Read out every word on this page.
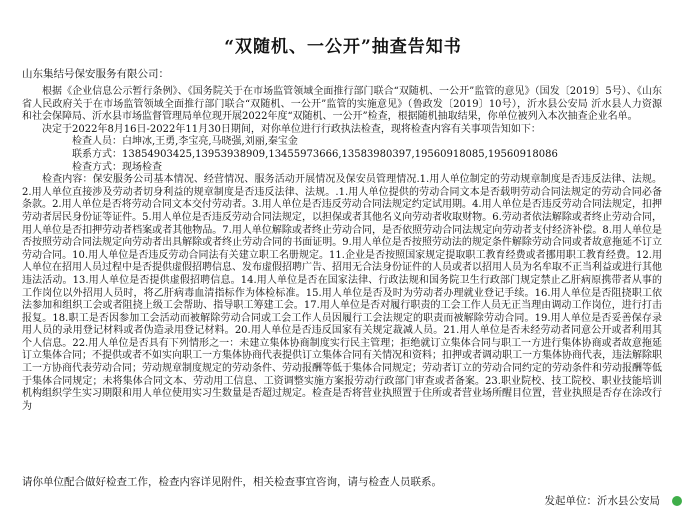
“双随机、一公开”抽查告知书
山东集结号保安服务有限公司：

根据《企业信息公示暂行条例》、《国务院关于在市场监管领域全面推行部门联合“双随机、一公开”监管的意见》（国发〔2019〕5号）、《山东省人民政府关于在市场监管领域全面推行部门联合“双随机、一公开”监管的实施意见》（鲁政发〔2019〕10号），沂水县公安局 沂水县人力资源和社会保障局、沂水县市场监督管理局单位现开展2022年度“双随机、一公开”检查，根据随机抽取结果，你单位被列入本次抽查企业名单。

决定于2022年8月16日-2022年11月30日期间，对你单位进行行政执法检查，现将检查内容有关事项告知如下：

检查人员：白坤冰,王勇,李宝亮,马晓强,刘丽,秦宝金

联系方式：13854903425,13953938909,13455973666,13583980397,19560918085,19560918086

检查方式：现场检查

检查内容：保安服务公司基本情况、经营情况、服务活动开展情况及保安员管理情况.1.用人单位制定的劳动规章制度是否违反法律、法规。2.用人单位直接涉及劳动者切身利益的规章制度是否违反法律、法规。.1.用人单位提供的劳动合同文本是否载明劳动合同法规定的劳动合同必备条款。2.用人单位是否将劳动合同文本交付劳动者。3.用人单位是否违反劳动合同法规定约定试用期。4.用人单位是否违反劳动合同法规定，扣押劳动者居民身份证等证件。5.用人单位是否违反劳动合同法规定，以担保或者其他名义向劳动者收取财物。6.劳动者依法解除或者终止劳动合同，用人单位是否扣押劳动者档案或者其他物品。7.用人单位解除或者终止劳动合同，是否依照劳动合同法规定向劳动者支付经济补偿。8.用人单位是否按照劳动合同法规定向劳动者出具解除或者终止劳动合同的书面证明。9.用人单位是否按照劳动法的规定条件解除劳动合同或者故意拖延不订立劳动合同。10.用人单位是否违反劳动合同法有关建立职工名册规定。11.企业是否按照国家规定提取职工教育经费或者挪用职工教育经费。12.用人单位在招用人员过程中是否提供虚假招聘信息、发布虚假招聘广告、招用无合法身份证件的人员或者以招用人员为名牟取不正当利益或进行其他违法活动。13.用人单位是否提供虚假招聘信息。14.用人单位是否在国家法律、行政法规和国务院卫生行政部门规定禁止乙肝病原携带者从事的工作岗位以外招用人员时，将乙肝病毒血清指标作为体检标准。15.用人单位是否及时为劳动者办理就业登记手续。16.用人单位是否阻挠职工依法参加和组织工会或者阻挠上级工会帮助、指导职工筹建工会。17.用人单位是否对履行职责的工会工作人员无正当理由调动工作岗位，进行打击报复。18.职工是否因参加工会活动而被解除劳动合同或工会工作人员因履行工会法规定的职责而被解除劳动合同。19.用人单位是否妥善保存录用人员的录用登记材料或者伪造录用登记材料。20.用人单位是否违反国家有关规定裁减人员。21.用人单位是否未经劳动者同意公开或者利用其个人信息。22.用人单位是否具有下列情形之一：未建立集体协商制度实行民主管理；拒绝就订立集体合同与职工一方进行集体协商或者故意拖延订立集体合同；不提供或者不如实向职工一方集体协商代表提供订立集体合同有关情况和资料；扣押或者调动职工一方集体协商代表，违法解除职工一方协商代表劳动合同；劳动规章制度规定的劳动条件、劳动报酬等低于集体合同规定；劳动者订立的劳动合同约定的劳动条件和劳动报酬等低于集体合同规定；未将集体合同文本、劳动用工信息、工资调整实施方案报劳动行政部门审查或者备案。23.职业院校、技工院校、职业技能培训机构组织学生实习期限和用人单位使用实习生数量是否超过规定。检查是否将营业执照置于住所或者营业场所醒目位置，营业执照是否存在涂改行为

请你单位配合做好检查工作，检查内容详见附件，相关检查事宜咨询，请与检查人员联系。
发起单位：沂水县公安局
